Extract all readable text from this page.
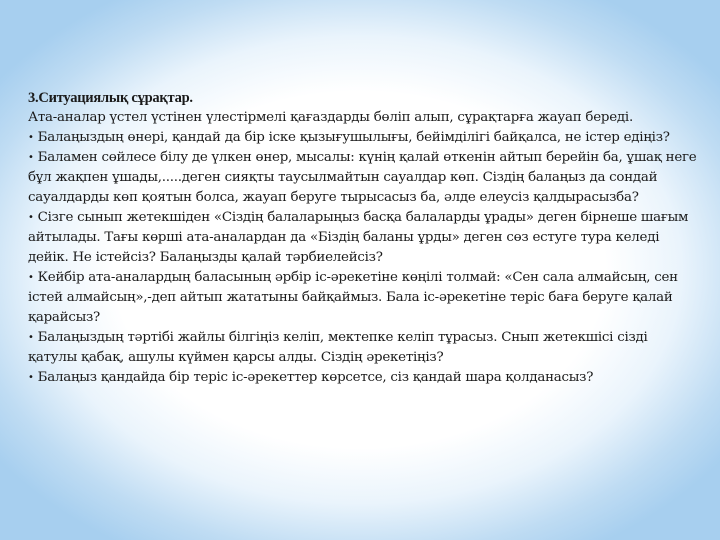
3.Ситуациялық сұрақтар.

Ата-аналар үстел үстінен үлестірмелі қағаздарды бөліп алып, сұрақтарға жауап береді.

• Балаңыздың өнері, қандай да бір іске қызығушылығы, бейімділігі байқалса, не істер едіңіз?

• Баламен сөйлесе білу де үлкен өнер, мысалы: күнің қалай өткенін айтып берейін ба, ұшақ неге бұл жақпен ұшады,.....деген сияқты таусылмайтын сауалдар көп. Сіздің балаңыз да сондай сауалдарды көп қоятын болса, жауап беруге тырысасыз ба, әлде елеусіз қалдырасызба?

• Сізге сынып жетекшіден «Сіздің балаларыңыз басқа балаларды ұрады» деген бірнеше шағым айтылады. Тағы көрші ата-аналардан да «Біздің баланы ұрды» деген сөз естуге тура келеді дейік. Не істейсіз? Балаңызды қалай тәрбиелейсіз?

• Кейбір ата-аналардың баласының әрбір іс-әрекетіне көңілі толмай: «Сен сала алмайсың, сен істей алмайсың»,-деп айтып жататыны байқаймыз. Бала іс-әрекетіне теріс баға беруге қалай қарайсыз?

• Балаңыздың тәртібі жайлы білгіңіз келіп, мектепке келіп тұрасыз. Снып жетекшісі сізді қатулы қабақ, ашулы күймен қарсы алды. Сіздің әрекетіңіз?

• Балаңыз қандайда бір теріс іс-әрекеттер көрсетсе, сіз қандай шара қолданасыз?
